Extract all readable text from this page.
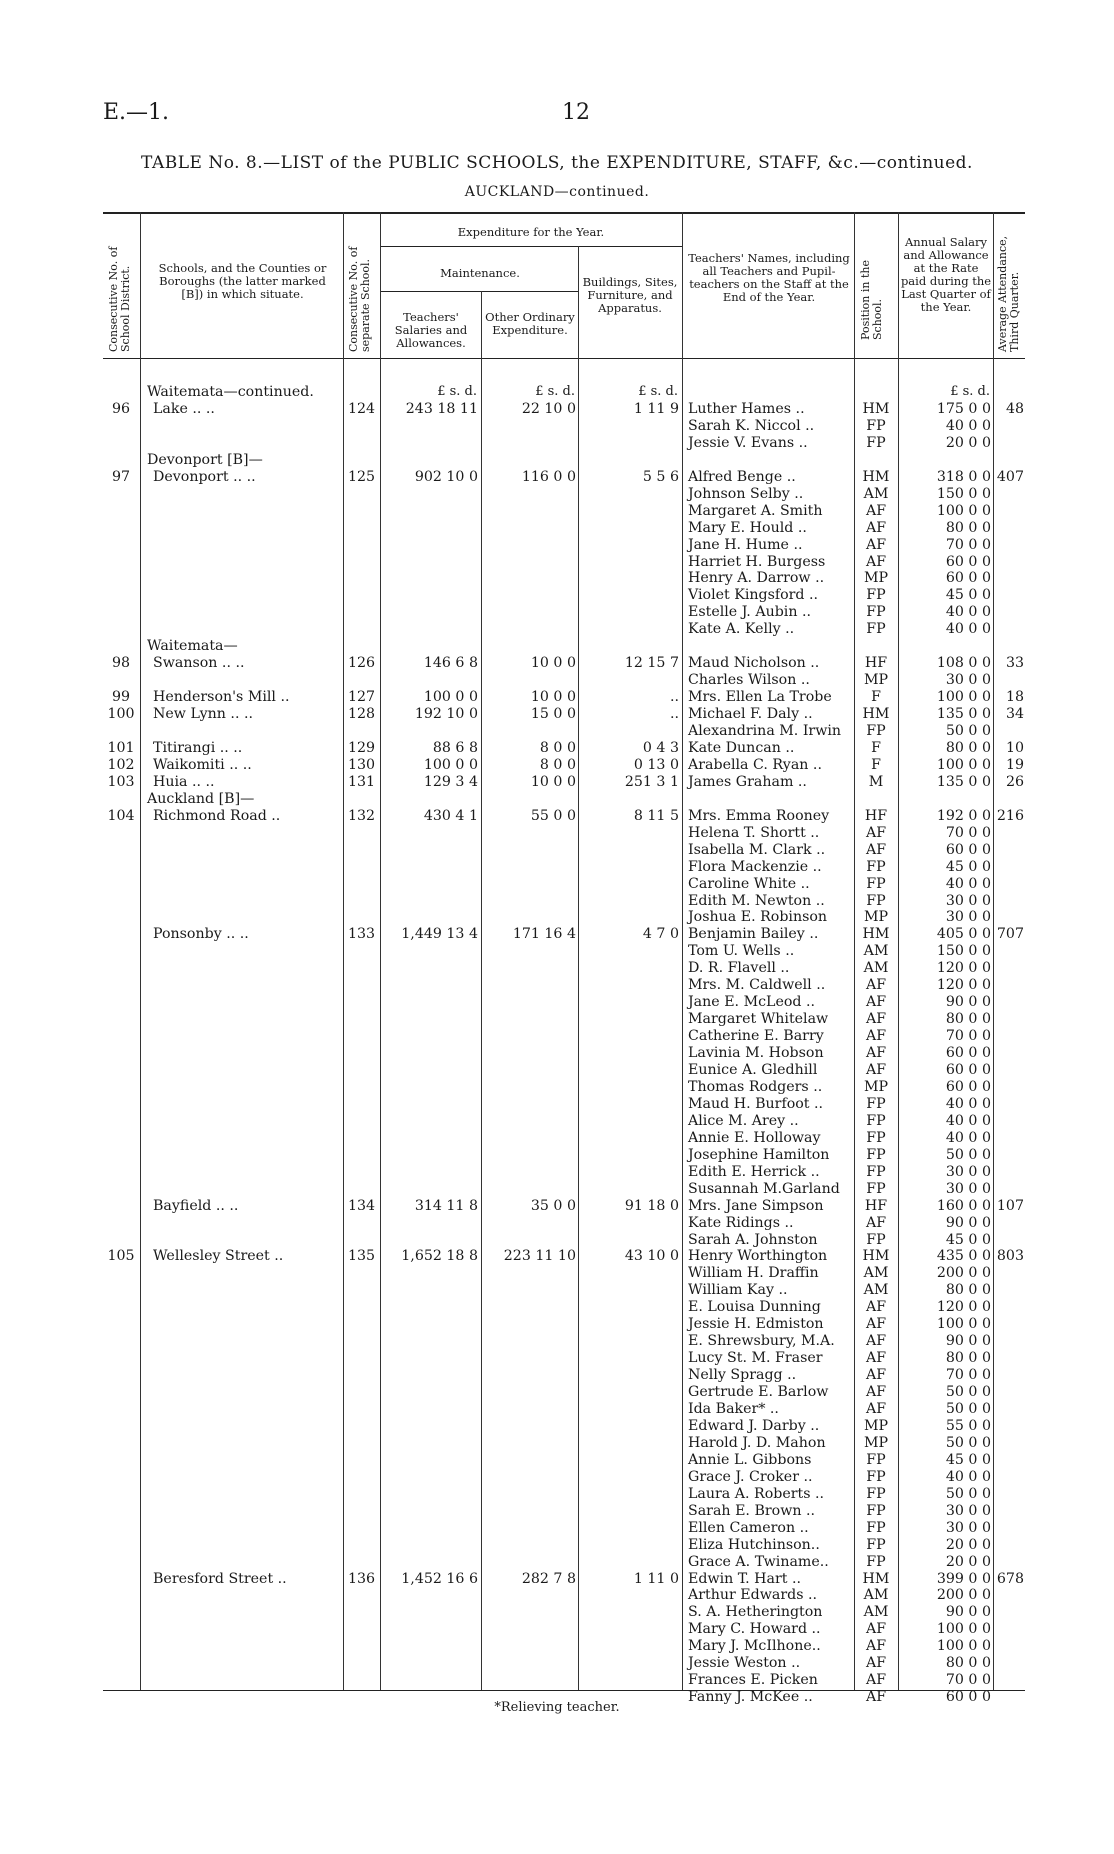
E.—1.	12
TABLE No. 8.—LIST of the PUBLIC SCHOOLS, the EXPENDITURE, STAFF, &c.—continued.
AUCKLAND—continued.
Consecutive No. of School District.	Schools, and the Counties or Boroughs (the latter marked [B]) in which situate.	Consecutive No. of separate School.
Expenditure for the Year.
Maintenance.
Teachers' Salaries and Allowances.
Other Ordinary Expenditure.
Buildings, Sites, Furniture, and Apparatus.
Teachers' Names, including all Teachers and Pupil-teachers on the Staff at the End of the Year.	Position in the School.
Annual Salary and Allowance at the Rate paid during the Last Quarter of the Year.	Average Attendance, Third Quarter.
£ s. d.	£ s. d.	£ s. d.	£ s. d.
Waitemata—continued.
96	Lake .. ..	124	243 18 11	22 10 0	1 11 9 Luther Hames ..	HM	175 0 0	48
Sarah K. Niccol ..	FP	40 0 0
Jessie V. Evans ..	FP	20 0 0
Devonport [B]—
97	Devonport .. ..	125	902 10 0	116 0 0	5 5 6 Alfred Benge ..	HM	318 0 0 407
Johnson Selby ..	AM	150 0 0
Margaret A. Smith	AF	100 0 0
Mary E. Hould ..	AF	80 0 0
Jane H. Hume ..	AF	70 0 0
Harriet H. Burgess	AF	60 0 0
Henry A. Darrow ..	MP	60 0 0
Violet Kingsford ..	FP	45 0 0
Estelle J. Aubin ..	FP	40 0 0
Kate A. Kelly ..	FP	40 0 0
Waitemata—
98	Swanson .. ..	126	146 6 8	10 0 0	12 15 7 Maud Nicholson ..	HF	108 0 0	33
Charles Wilson ..	MP	30 0 0
99	Henderson's Mill ..	127	100 0 0	10 0 0	.. Mrs. Ellen La Trobe	F	100 0 0	18
100 New Lynn .. ..	128	192 10 0	15 0 0	.. Michael F. Daly ..	HM	135 0 0	34
Alexandrina M. Irwin	FP	50 0 0
101 Titirangi .. ..	129	88 6 8	8 0 0	0 4 3 Kate Duncan ..	F	80 0 0	10
102 Waikomiti .. ..	130	100 0 0	8 0 0	0 13 0 Arabella C. Ryan ..	F	100 0 0	19
103 Huia .. ..	131	129 3 4	10 0 0	251 3 1 James Graham ..	M	135 0 0	26
Auckland [B]—
104 Richmond Road ..	132	430 4 1	55 0 0	8 11 5 Mrs. Emma Rooney	HF	192 0 0 216
Helena T. Shortt ..	AF	70 0 0
Isabella M. Clark ..	AF	60 0 0
Flora Mackenzie ..	FP	45 0 0
Caroline White ..	FP	40 0 0
Edith M. Newton ..	FP	30 0 0
Joshua E. Robinson	MP	30 0 0
Ponsonby .. ..	133	1,449 13 4	171 16 4	4 7 0 Benjamin Bailey ..	HM	405 0 0 707
Tom U. Wells ..	AM	150 0 0
D. R. Flavell ..	AM	120 0 0
Mrs. M. Caldwell ..	AF	120 0 0
Jane E. McLeod ..	AF	90 0 0
Margaret Whitelaw	AF	80 0 0
Catherine E. Barry	AF	70 0 0
Lavinia M. Hobson	AF	60 0 0
Eunice A. Gledhill	AF	60 0 0
Thomas Rodgers ..	MP	60 0 0
Maud H. Burfoot ..	FP	40 0 0
Alice M. Arey ..	FP	40 0 0
Annie E. Holloway	FP	40 0 0
Josephine Hamilton	FP	50 0 0
Edith E. Herrick ..	FP	30 0 0
Susannah M.Garland	FP	30 0 0
Bayfield .. ..	134	314 11 8	35 0 0	91 18 0 Mrs. Jane Simpson	HF	160 0 0 107
Kate Ridings ..	AF	90 0 0
Sarah A. Johnston	FP	45 0 0
105 Wellesley Street ..	135	1,652 18 8	223 11 10	43 10 0 Henry Worthington	HM	435 0 0 803
William H. Draffin	AM	200 0 0
William Kay ..	AM	80 0 0
E. Louisa Dunning	AF	120 0 0
Jessie H. Edmiston	AF	100 0 0
E. Shrewsbury, M.A.	AF	90 0 0
Lucy St. M. Fraser	AF	80 0 0
Nelly Spragg ..	AF	70 0 0
Gertrude E. Barlow	AF	50 0 0
Ida Baker* ..	AF	50 0 0
Edward J. Darby ..	MP	55 0 0
Harold J. D. Mahon	MP	50 0 0
Annie L. Gibbons	FP	45 0 0
Grace J. Croker ..	FP	40 0 0
Laura A. Roberts ..	FP	50 0 0
Sarah E. Brown ..	FP	30 0 0
Ellen Cameron ..	FP	30 0 0
Eliza Hutchinson..	FP	20 0 0
Grace A. Twiname..	FP	20 0 0
Beresford Street ..	136	1,452 16 6	282 7 8	1 11 0 Edwin T. Hart ..	HM	399 0 0 678
Arthur Edwards ..	AM	200 0 0
S. A. Hetherington	AM	90 0 0
Mary C. Howard ..	AF	100 0 0
Mary J. McIlhone..	AF	100 0 0
Jessie Weston ..	AF	80 0 0
Frances E. Picken	AF	70 0 0
Fanny J. McKee ..	AF	60 0 0
*Relieving teacher.
